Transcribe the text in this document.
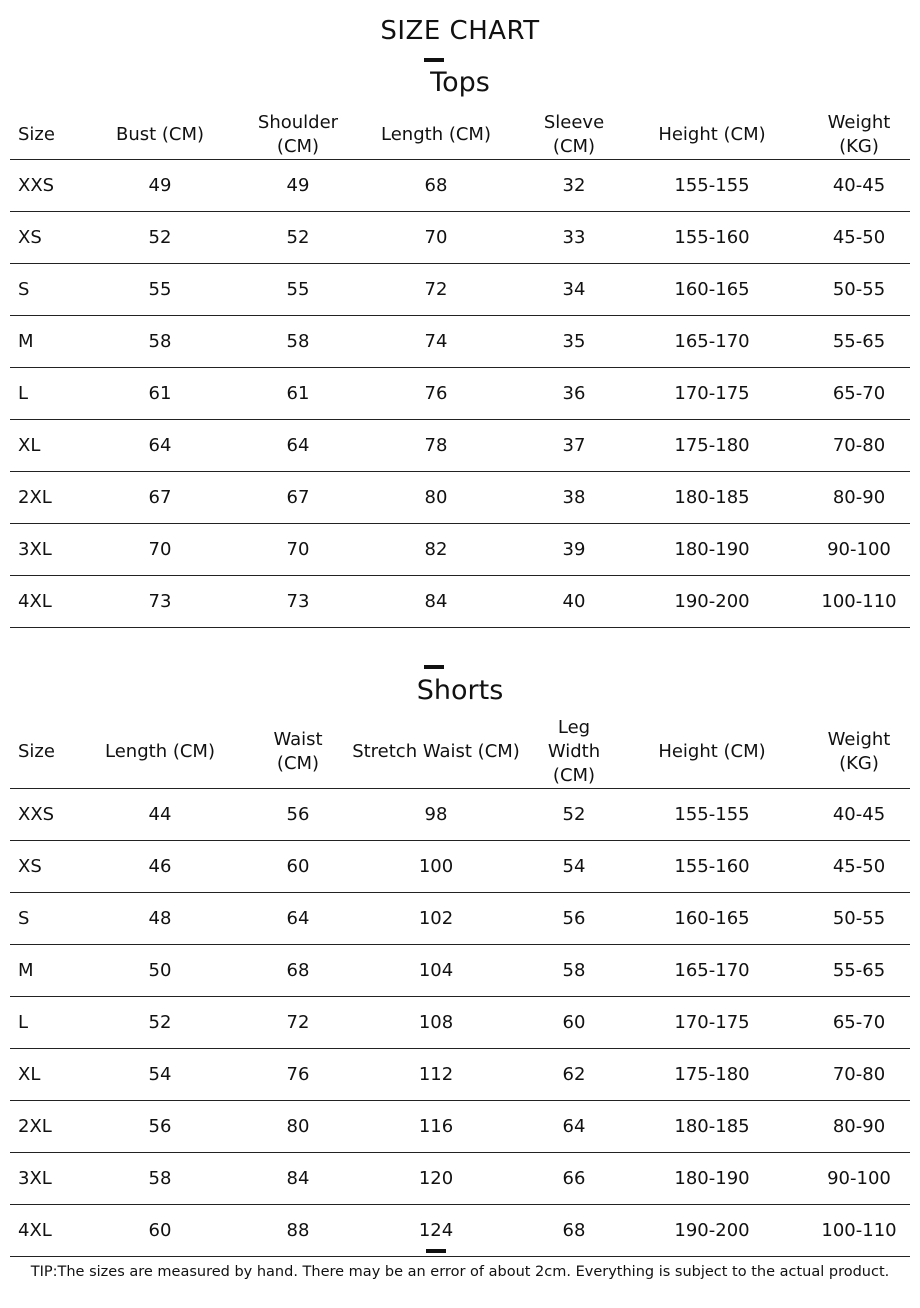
SIZE CHART
Tops
Size	Bust (CM)	Shoulder (CM)	Length (CM)	Sleeve (CM)	Height (CM)	Weight (KG)
XXS	49	49	68	32	155-155	40-45
XS	52	52	70	33	155-160	45-50
S	55	55	72	34	160-165	50-55
M	58	58	74	35	165-170	55-65
L	61	61	76	36	170-175	65-70
XL	64	64	78	37	175-180	70-80
2XL	67	67	80	38	180-185	80-90
3XL	70	70	82	39	180-190	90-100
4XL	73	73	84	40	190-200	100-110
Shorts
Size	Length (CM)	Waist (CM)	Stretch Waist (CM)	Leg Width (CM)	Height (CM)	Weight (KG)
XXS	44	56	98	52	155-155	40-45
XS	46	60	100	54	155-160	45-50
S	48	64	102	56	160-165	50-55
M	50	68	104	58	165-170	55-65
L	52	72	108	60	170-175	65-70
XL	54	76	112	62	175-180	70-80
2XL	56	80	116	64	180-185	80-90
3XL	58	84	120	66	180-190	90-100
4XL	60	88	124	68	190-200	100-110
TIP:The sizes are measured by hand. There may be an error of about 2cm. Everything is subject to the actual product.
